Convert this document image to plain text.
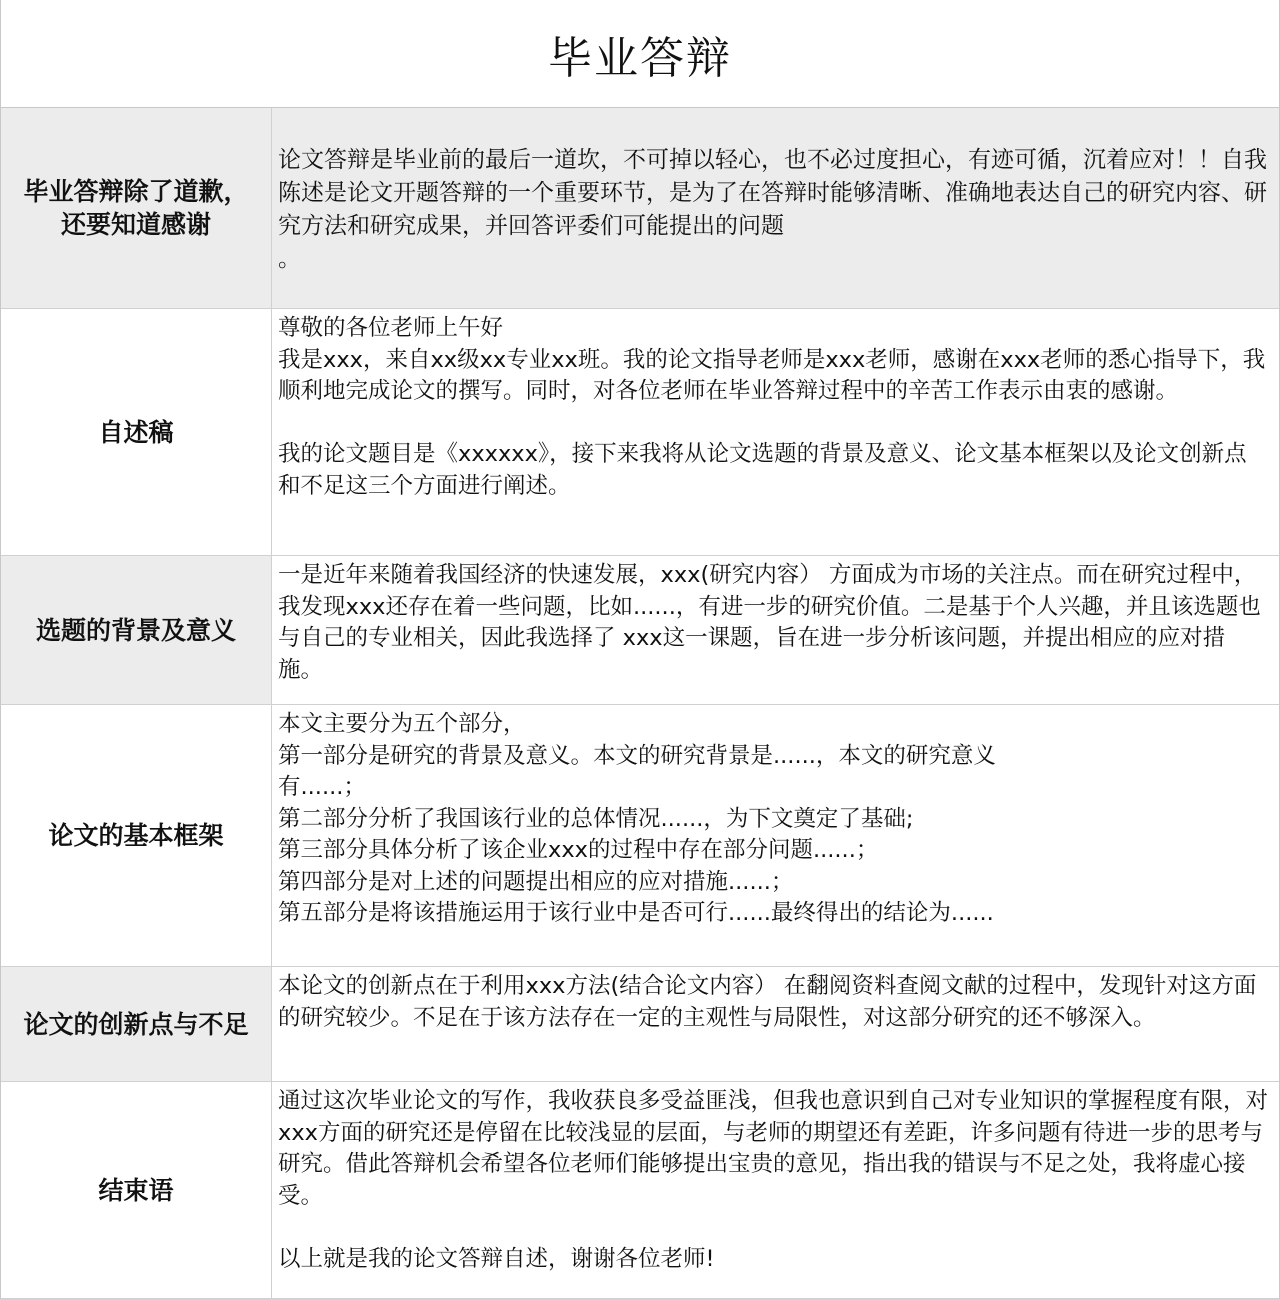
毕业答辩
毕业答辩除了道歉，
还要知道感谢
论文答辩是毕业前的最后一道坎，不可掉以轻心，也不必过度担心，有迹可循，沉着应对！！自我陈述是论文开题答辩的一个重要环节，是为了在答辩时能够清晰、准确地表达自己的研究内容、研究方法和研究成果，并回答评委们可能提出的问题
。
自述稿
尊敬的各位老师上午好
我是xxx，来自xx级xx专业xx班。我的论文指导老师是xxx老师，感谢在xxx老师的悉心指导下，我顺利地完成论文的撰写。同时，对各位老师在毕业答辩过程中的辛苦工作表示由衷的感谢。

我的论文题目是《xxxxxx》，接下来我将从论文选题的背景及意义、论文基本框架以及论文创新点和不足这三个方面进行阐述。
选题的背景及意义
一是近年来随着我国经济的快速发展，xxx(研究内容） 方面成为市场的关注点。而在研究过程中，我发现xxx还存在着一些问题，比如......，有进一步的研究价值。二是基于个人兴趣，并且该选题也与自己的专业相关，因此我选择了 xxx这一课题，旨在进一步分析该问题，并提出相应的应对措施。
论文的基本框架
本文主要分为五个部分，
第一部分是研究的背景及意义。本文的研究背景是......，本文的研究意义
有......；
第二部分分析了我国该行业的总体情况......，为下文奠定了基础;
第三部分具体分析了该企业xxx的过程中存在部分问题......；
第四部分是对上述的问题提出相应的应对措施......；
第五部分是将该措施运用于该行业中是否可行......最终得出的结论为......
论文的创新点与不足
本论文的创新点在于利用xxx方法(结合论文内容） 在翻阅资料查阅文献的过程中，发现针对这方面的研究较少。不足在于该方法存在一定的主观性与局限性，对这部分研究的还不够深入。
结束语
通过这次毕业论文的写作，我收获良多受益匪浅，但我也意识到自己对专业知识的掌握程度有限，对xxx方面的研究还是停留在比较浅显的层面，与老师的期望还有差距，许多问题有待进一步的思考与研究。借此答辩机会希望各位老师们能够提出宝贵的意见，指出我的错误与不足之处，我将虚心接受。

以上就是我的论文答辩自述，谢谢各位老师!
